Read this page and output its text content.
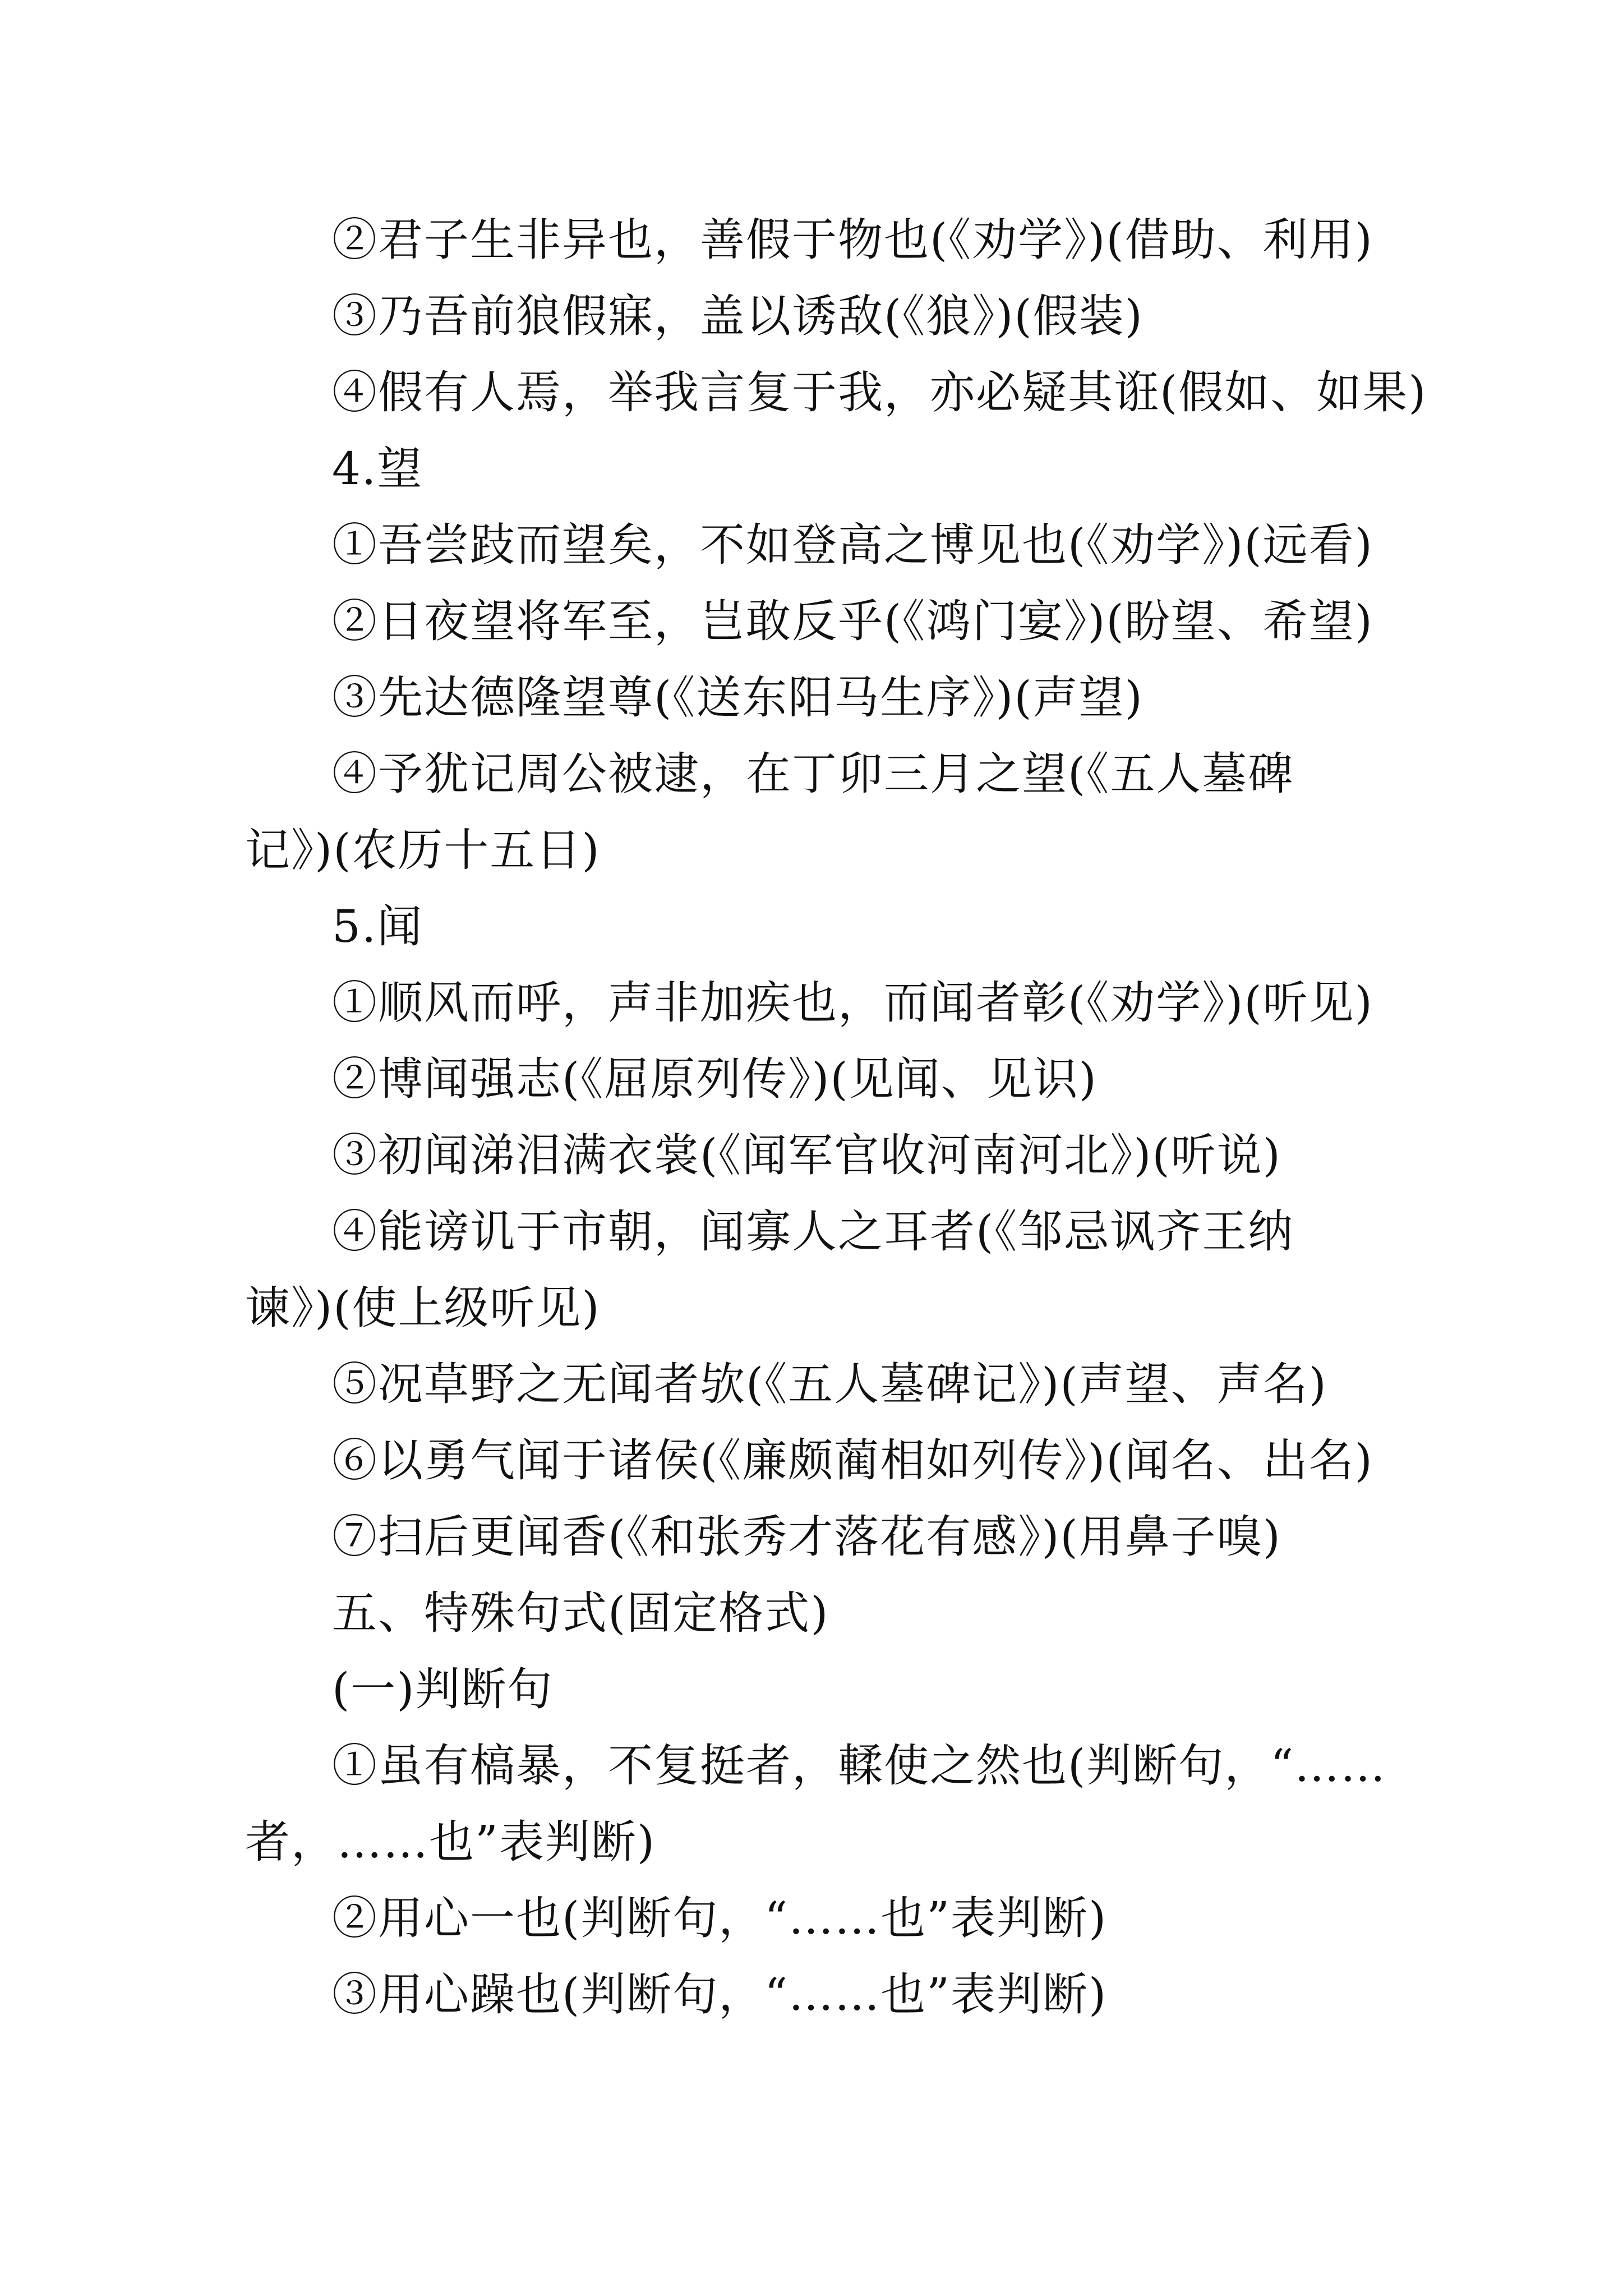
②君子生非异也，善假于物也(《劝学》)(借助、利用)
③乃吾前狼假寐，盖以诱敌(《狼》)(假装)
④假有人焉，举我言复于我，亦必疑其诳(假如、如果)
4.望
①吾尝跂而望矣，不如登高之博见也(《劝学》)(远看)
②日夜望将军至，岂敢反乎(《鸿门宴》)(盼望、希望)
③先达德隆望尊(《送东阳马生序》)(声望)
④予犹记周公被逮，在丁卯三月之望(《五人墓碑
记》)(农历十五日)
5.闻
①顺风而呼，声非加疾也，而闻者彰(《劝学》)(听见)
②博闻强志(《屈原列传》)(见闻、见识)
③初闻涕泪满衣裳(《闻军官收河南河北》)(听说)
④能谤讥于市朝，闻寡人之耳者(《邹忌讽齐王纳
谏》)(使上级听见)
⑤况草野之无闻者欤(《五人墓碑记》)(声望、声名)
⑥以勇气闻于诸侯(《廉颇蔺相如列传》)(闻名、出名)
⑦扫后更闻香(《和张秀才落花有感》)(用鼻子嗅)
五、特殊句式(固定格式)
(一)判断句
①虽有槁暴，不复挺者，輮使之然也(判断句，“……
者，……也”表判断)
②用心一也(判断句，“……也”表判断)
③用心躁也(判断句，“……也”表判断)
